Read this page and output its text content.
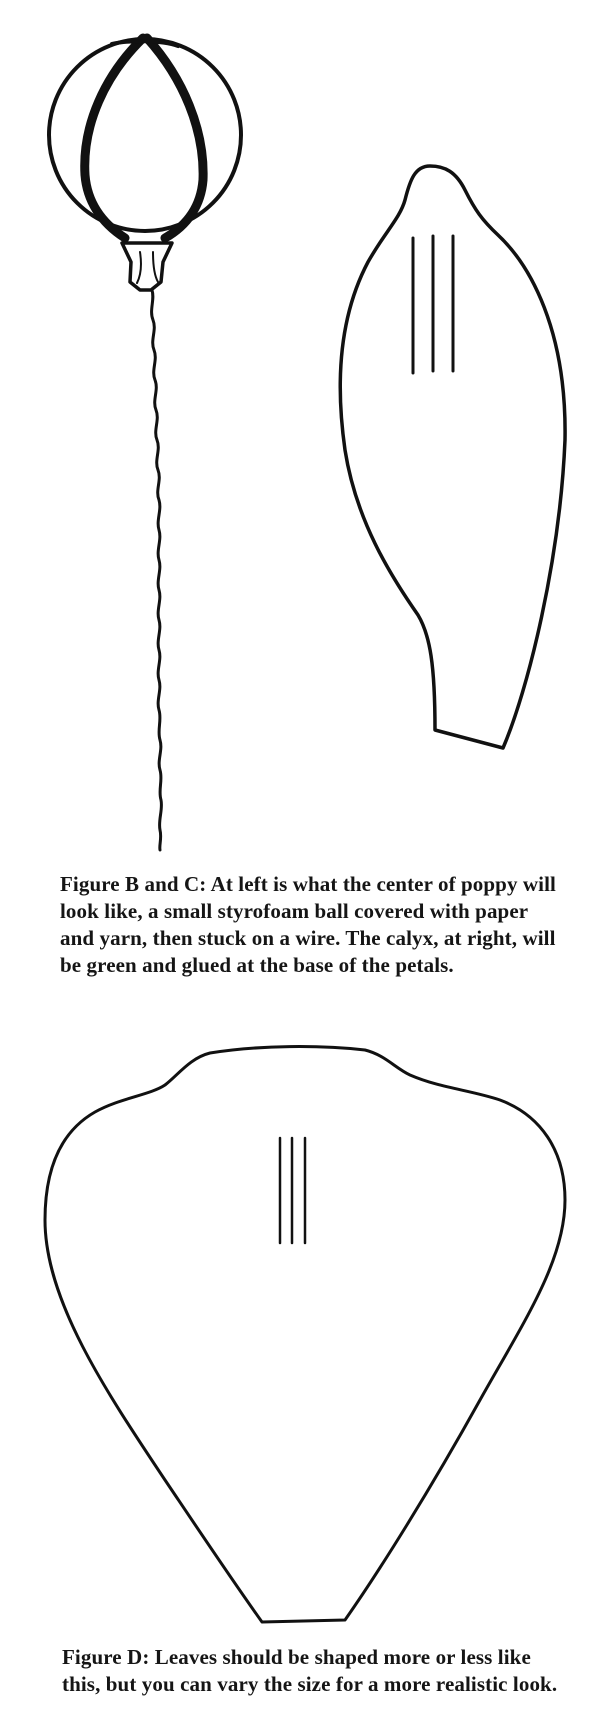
Figure B and C: At left is what the center of poppy will look like, a small styrofoam ball covered with paper and yarn, then stuck on a wire. The calyx, at right, will be green and glued at the base of the petals.

Figure D: Leaves should be shaped more or less like this, but you can vary the size for a more realistic look.
